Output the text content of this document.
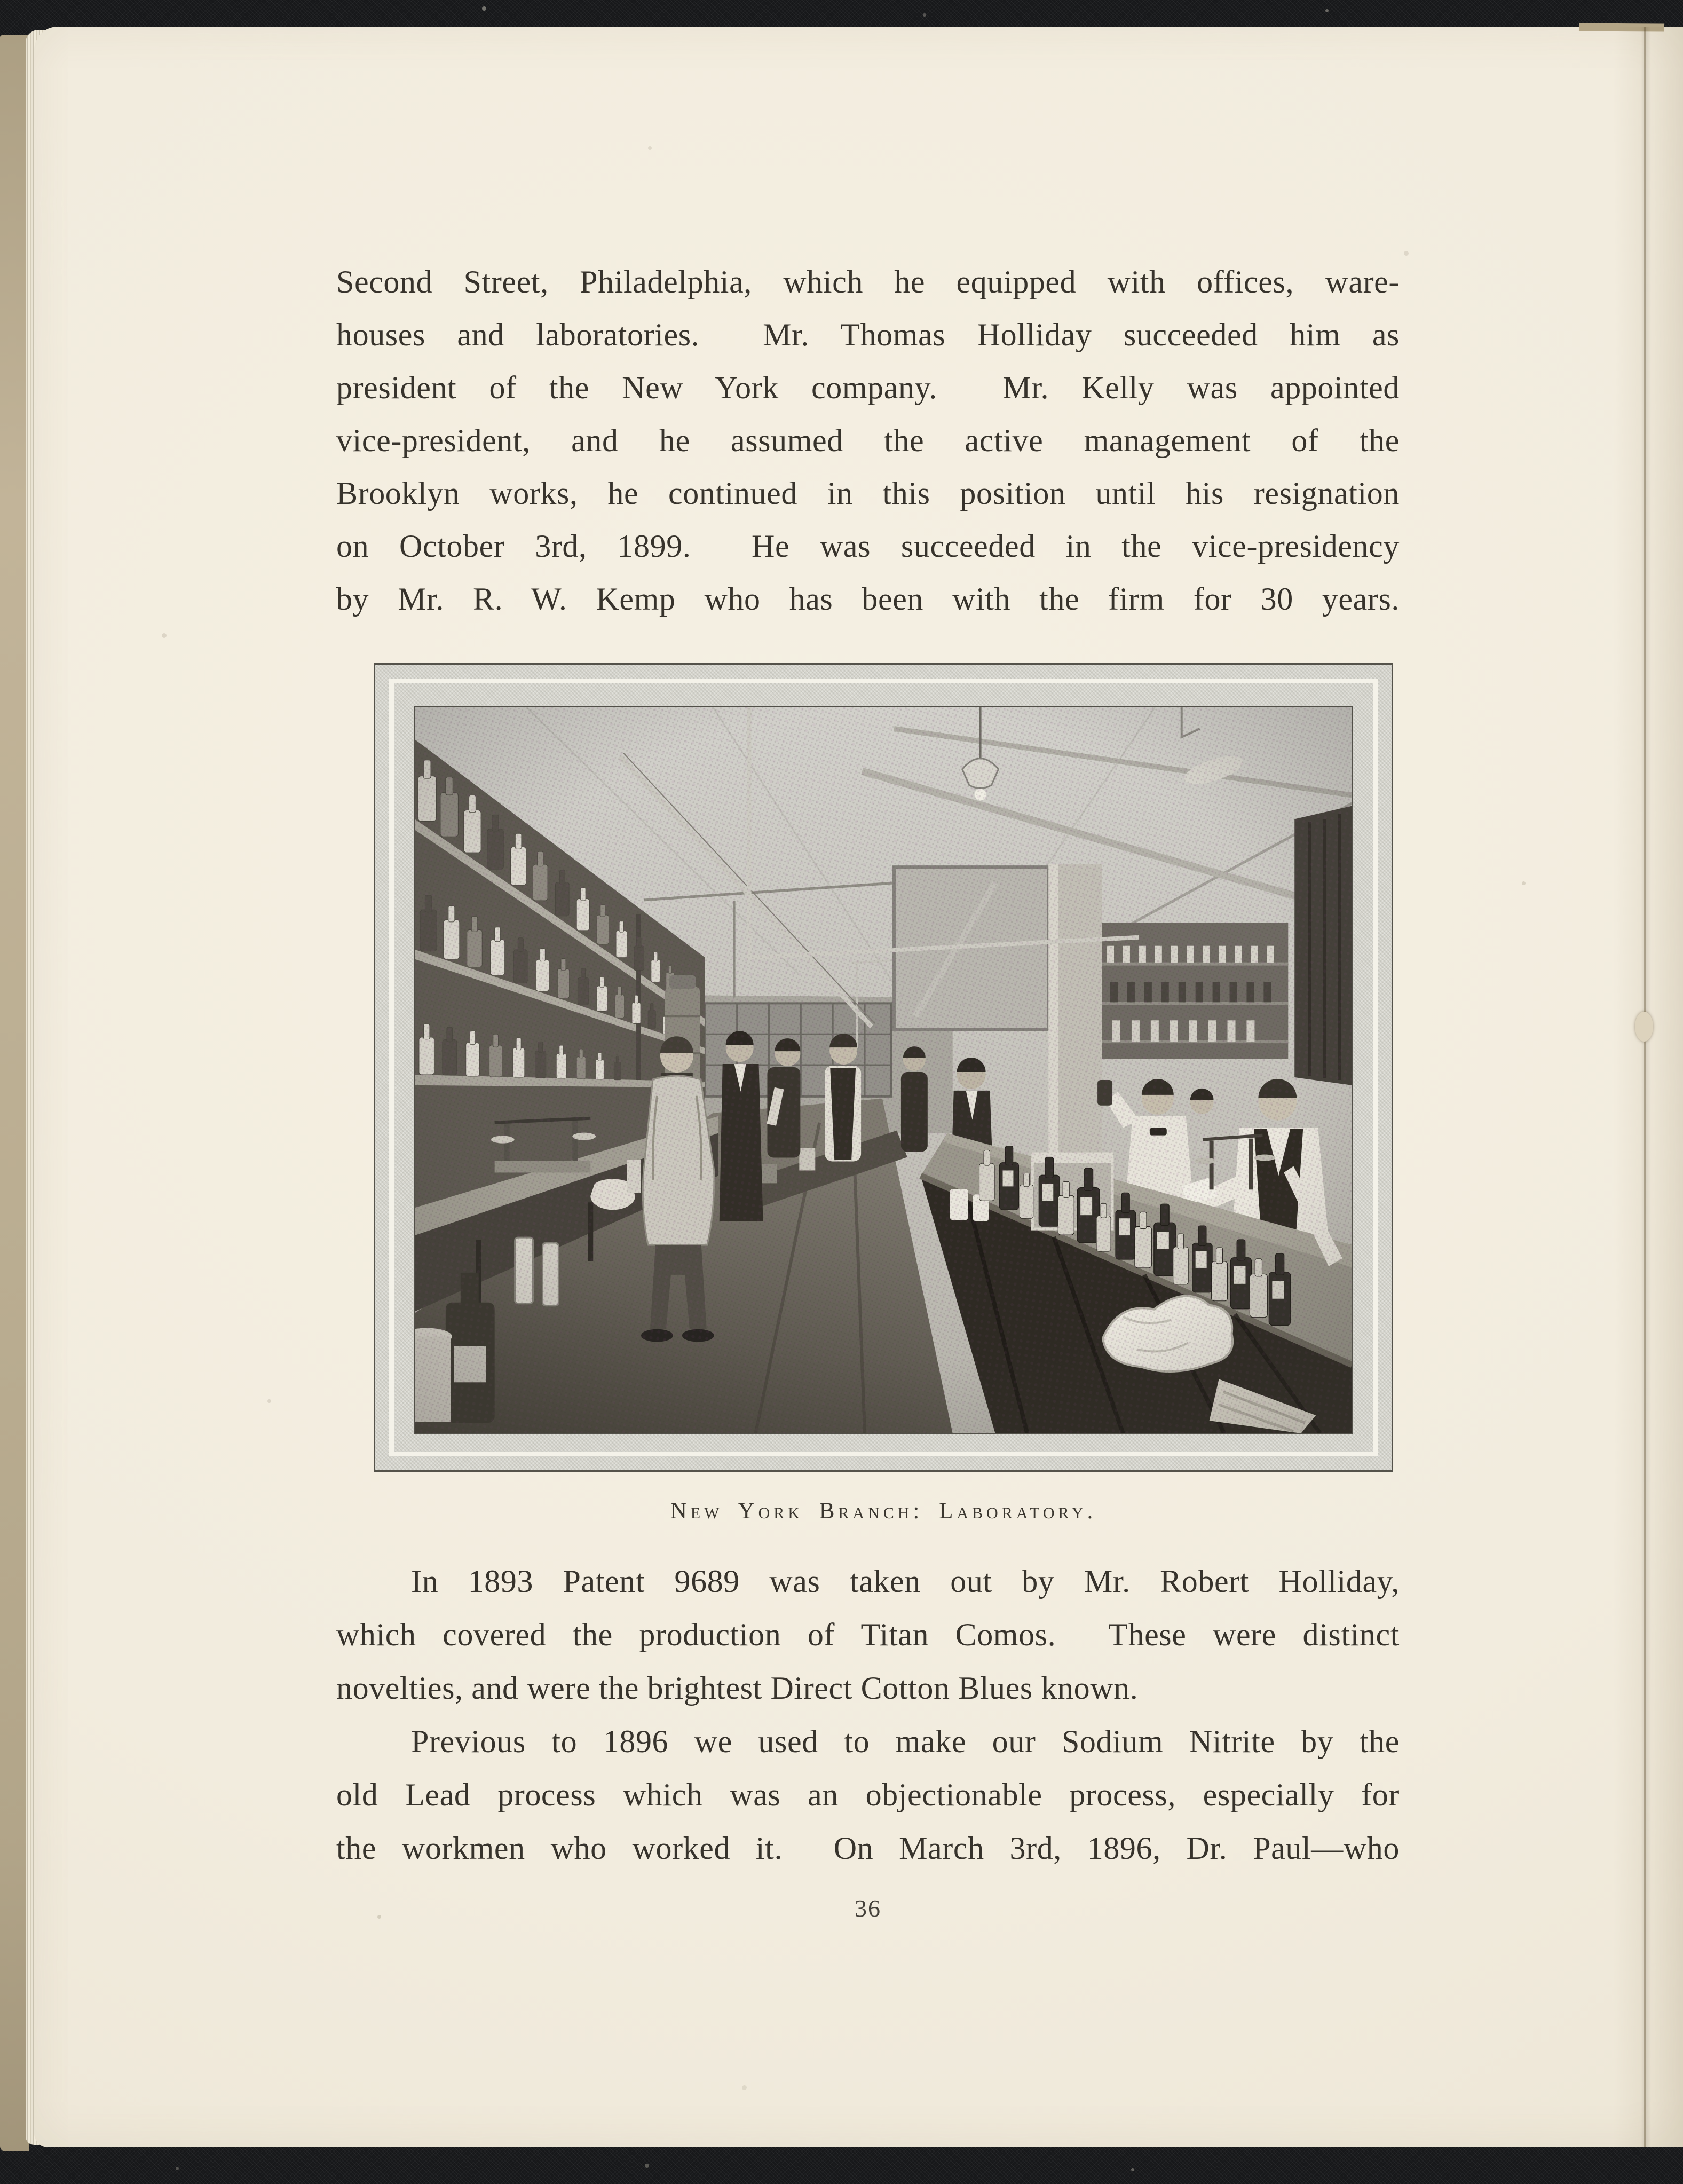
Second Street, Philadelphia, which he equipped with offices, ware-
houses and laboratories.  Mr. Thomas Holliday succeeded him as
president of the New York company.  Mr. Kelly was appointed
vice-president, and he assumed the active management of the
Brooklyn works, he continued in this position until his resignation
on October 3rd, 1899.  He was succeeded in the vice-presidency
by Mr. R. W. Kemp who has been with the firm for 30 years.
New York Branch: Laboratory.
In 1893 Patent 9689 was taken out by Mr. Robert Holliday,
which covered the production of Titan Comos.  These were distinct
novelties, and were the brightest Direct Cotton Blues known.
Previous to 1896 we used to make our Sodium Nitrite by the
old Lead process which was an objectionable process, especially for
the workmen who worked it.  On March 3rd, 1896, Dr. Paul—who
36
